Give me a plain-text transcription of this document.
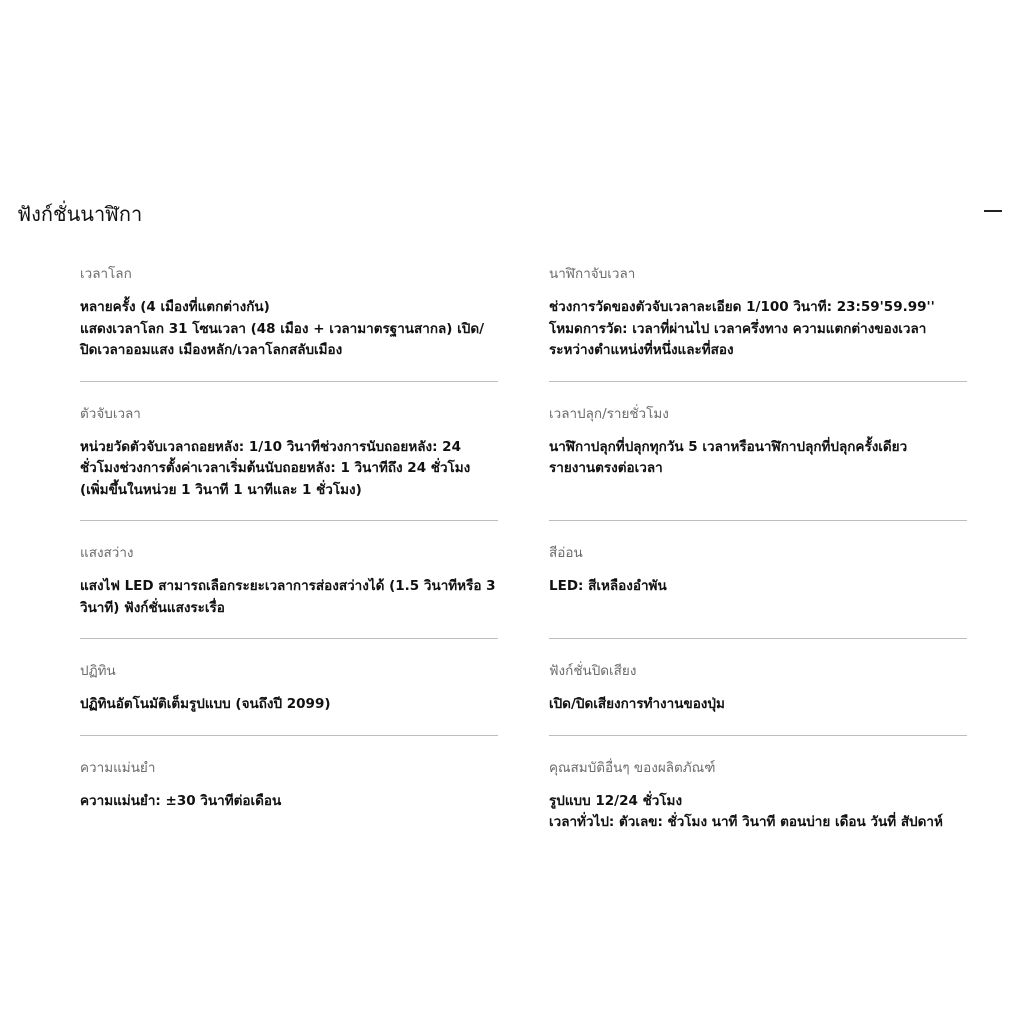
ฟังก์ชั่นนาฬิกา
เวลาโลก
หลายครั้ง (4 เมืองที่แตกต่างกัน)
แสดงเวลาโลก 31 โซนเวลา (48 เมือง + เวลามาตรฐานสากล) เปิด/ปิดเวลาออมแสง เมืองหลัก/เวลาโลกสลับเมือง
นาฬิกาจับเวลา
ช่วงการวัดของตัวจับเวลาละเอียด 1/100 วินาที: 23:59'59.99'' โหมดการวัด: เวลาที่ผ่านไป เวลาครึ่งทาง ความแตกต่างของเวลาระหว่างตำแหน่งที่หนึ่งและที่สอง
ตัวจับเวลา
หน่วยวัดตัวจับเวลาถอยหลัง: 1/10 วินาทีช่วงการนับถอยหลัง: 24 ชั่วโมงช่วงการตั้งค่าเวลาเริ่มต้นนับถอยหลัง: 1 วินาทีถึง 24 ชั่วโมง (เพิ่มขึ้นในหน่วย 1 วินาที 1 นาทีและ 1 ชั่วโมง)
เวลาปลุก/รายชั่วโมง
นาฬิกาปลุกที่ปลุกทุกวัน 5 เวลาหรือนาฬิกาปลุกที่ปลุกครั้งเดียว
รายงานตรงต่อเวลา
แสงสว่าง
แสงไฟ LED สามารถเลือกระยะเวลาการส่องสว่างได้ (1.5 วินาทีหรือ 3 วินาที) ฟังก์ชั่นแสงระเรื่อ
สีอ่อน
LED: สีเหลืองอำพัน
ปฏิทิน
ปฏิทินอัตโนมัติเต็มรูปแบบ (จนถึงปี 2099)
ฟังก์ชั่นปิดเสียง
เปิด/ปิดเสียงการทำงานของปุ่ม
ความแม่นยำ
ความแม่นยำ: ±30 วินาทีต่อเดือน
คุณสมบัติอื่นๆ ของผลิตภัณฑ์
รูปแบบ 12/24 ชั่วโมง
เวลาทั่วไป: ตัวเลข: ชั่วโมง นาที วินาที ตอนบ่าย เดือน วันที่ สัปดาห์
